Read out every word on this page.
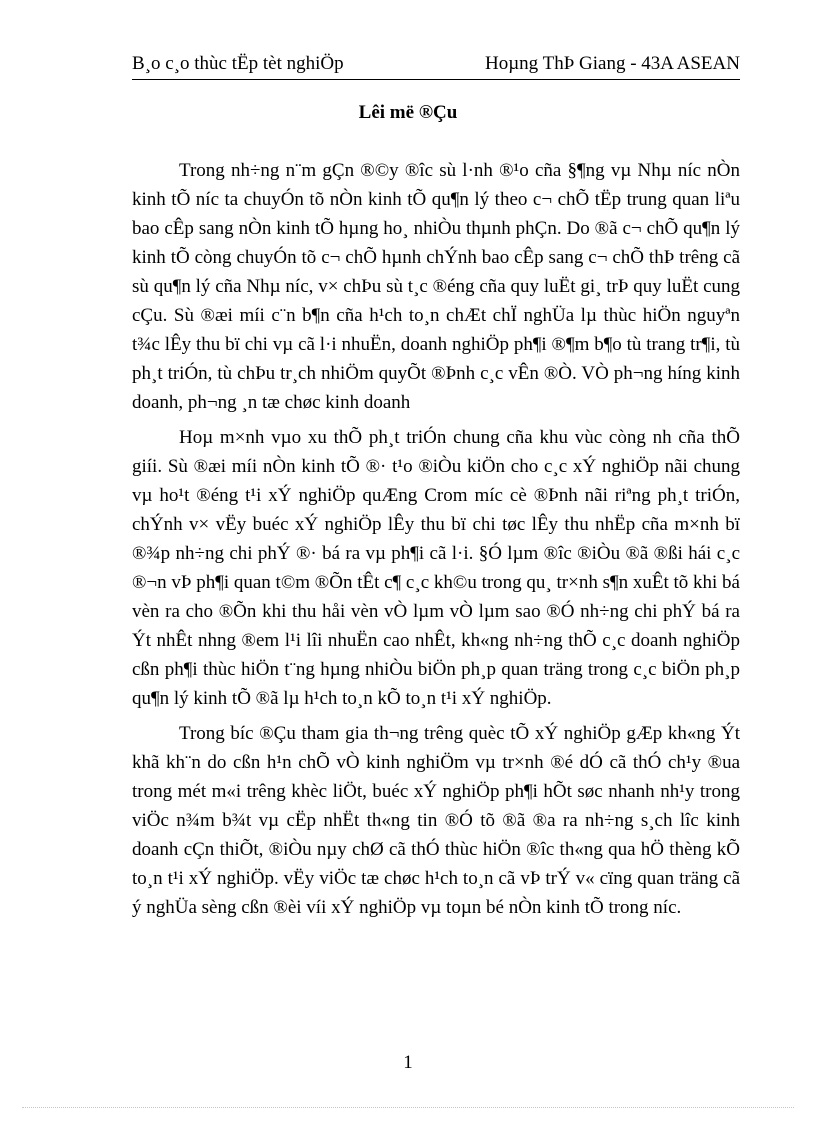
B¸o c¸o thùc tËp tèt nghiÖp	Hoµng ThÞ Giang - 43A ASEAN
Lêi më ®Çu

Trong nh÷ng n¨m gÇn ®©y ®îc sù l·nh ®¹o cña §¶ng vµ Nhµ níc nÒn kinh tÕ níc ta chuyÓn tõ nÒn kinh tÕ qu¶n lý theo c¬ chÕ tËp trung quan liªu bao cÊp sang nÒn kinh tÕ hµng ho¸ nhiÒu thµnh phÇn. Do ®ã c¬ chÕ qu¶n lý kinh tÕ còng chuyÓn tõ c¬ chÕ hµnh chÝnh bao cÊp sang c¬ chÕ thÞ trêng cã sù qu¶n lý cña Nhµ níc, v× chÞu sù t¸c ®éng cña quy luËt gi¸ trÞ quy luËt cung cÇu. Sù ®æi míi c¨n b¶n cña h¹ch to¸n chÆt chÏ nghÜa lµ thùc hiÖn nguyªn t¾c lÊy thu bï chi vµ cã l·i nhuËn, doanh nghiÖp ph¶i ®¶m b¶o tù trang tr¶i, tù ph¸t triÓn, tù chÞu tr¸ch nhiÖm quyÕt ®Þnh c¸c vÊn ®Ò. VÒ ph¬ng híng kinh doanh, ph¬ng ¸n tæ chøc kinh doanh

Hoµ m×nh vµo xu thÕ ph¸t triÓn chung cña khu vùc còng nh cña thÕ giíi. Sù ®æi míi nÒn kinh tÕ ®· t¹o ®iÒu kiÖn cho c¸c xÝ nghiÖp nãi chung vµ ho¹t ®éng t¹i xÝ nghiÖp quÆng Crom míc cè ®Þnh nãi riªng ph¸t triÓn, chÝnh v× vËy buéc xÝ nghiÖp lÊy thu bï chi tøc lÊy thu nhËp cña m×nh bï ®¾p nh÷ng chi phÝ ®· bá ra vµ ph¶i cã l·i. §Ó lµm ®îc ®iÒu ®ã ®ßi hái c¸c ®¬n vÞ ph¶i quan t©m ®Õn tÊt c¶ c¸c kh©u trong qu¸ tr×nh s¶n xuÊt tõ khi bá vèn ra cho ®Õn khi thu håi vèn vÒ lµm vÒ lµm sao ®Ó nh÷ng chi phÝ bá ra Ýt nhÊt nhng ®em l¹i lîi nhuËn cao nhÊt, kh«ng nh÷ng thÕ c¸c doanh nghiÖp cßn ph¶i thùc hiÖn t¨ng hµng nhiÒu biÖn ph¸p quan träng trong c¸c biÖn ph¸p qu¶n lý kinh tÕ ®ã lµ h¹ch to¸n kÕ to¸n t¹i xÝ nghiÖp.

Trong bíc ®Çu tham gia th¬ng trêng quèc tÕ xÝ nghiÖp gÆp kh«ng Ýt khã kh¨n do cßn h¹n chÕ vÒ kinh nghiÖm vµ tr×nh ®é dÓ cã thÓ ch¹y ®ua trong mét m«i trêng khèc liÖt, buéc xÝ nghiÖp ph¶i hÕt søc nhanh nh¹y trong viÖc n¾m b¾t vµ cËp nhËt th«ng tin ®Ó tõ ®ã ®a ra nh÷ng s¸ch lîc kinh doanh cÇn thiÕt, ®iÒu nµy chØ cã thÓ thùc hiÖn ®îc th«ng qua hÖ thèng kÕ to¸n t¹i xÝ nghiÖp. vËy viÖc tæ chøc h¹ch to¸n cã vÞ trÝ v« cïng quan träng cã ý nghÜa sèng cßn ®èi víi xÝ nghiÖp vµ toµn bé nÒn kinh tÕ trong níc.

1
